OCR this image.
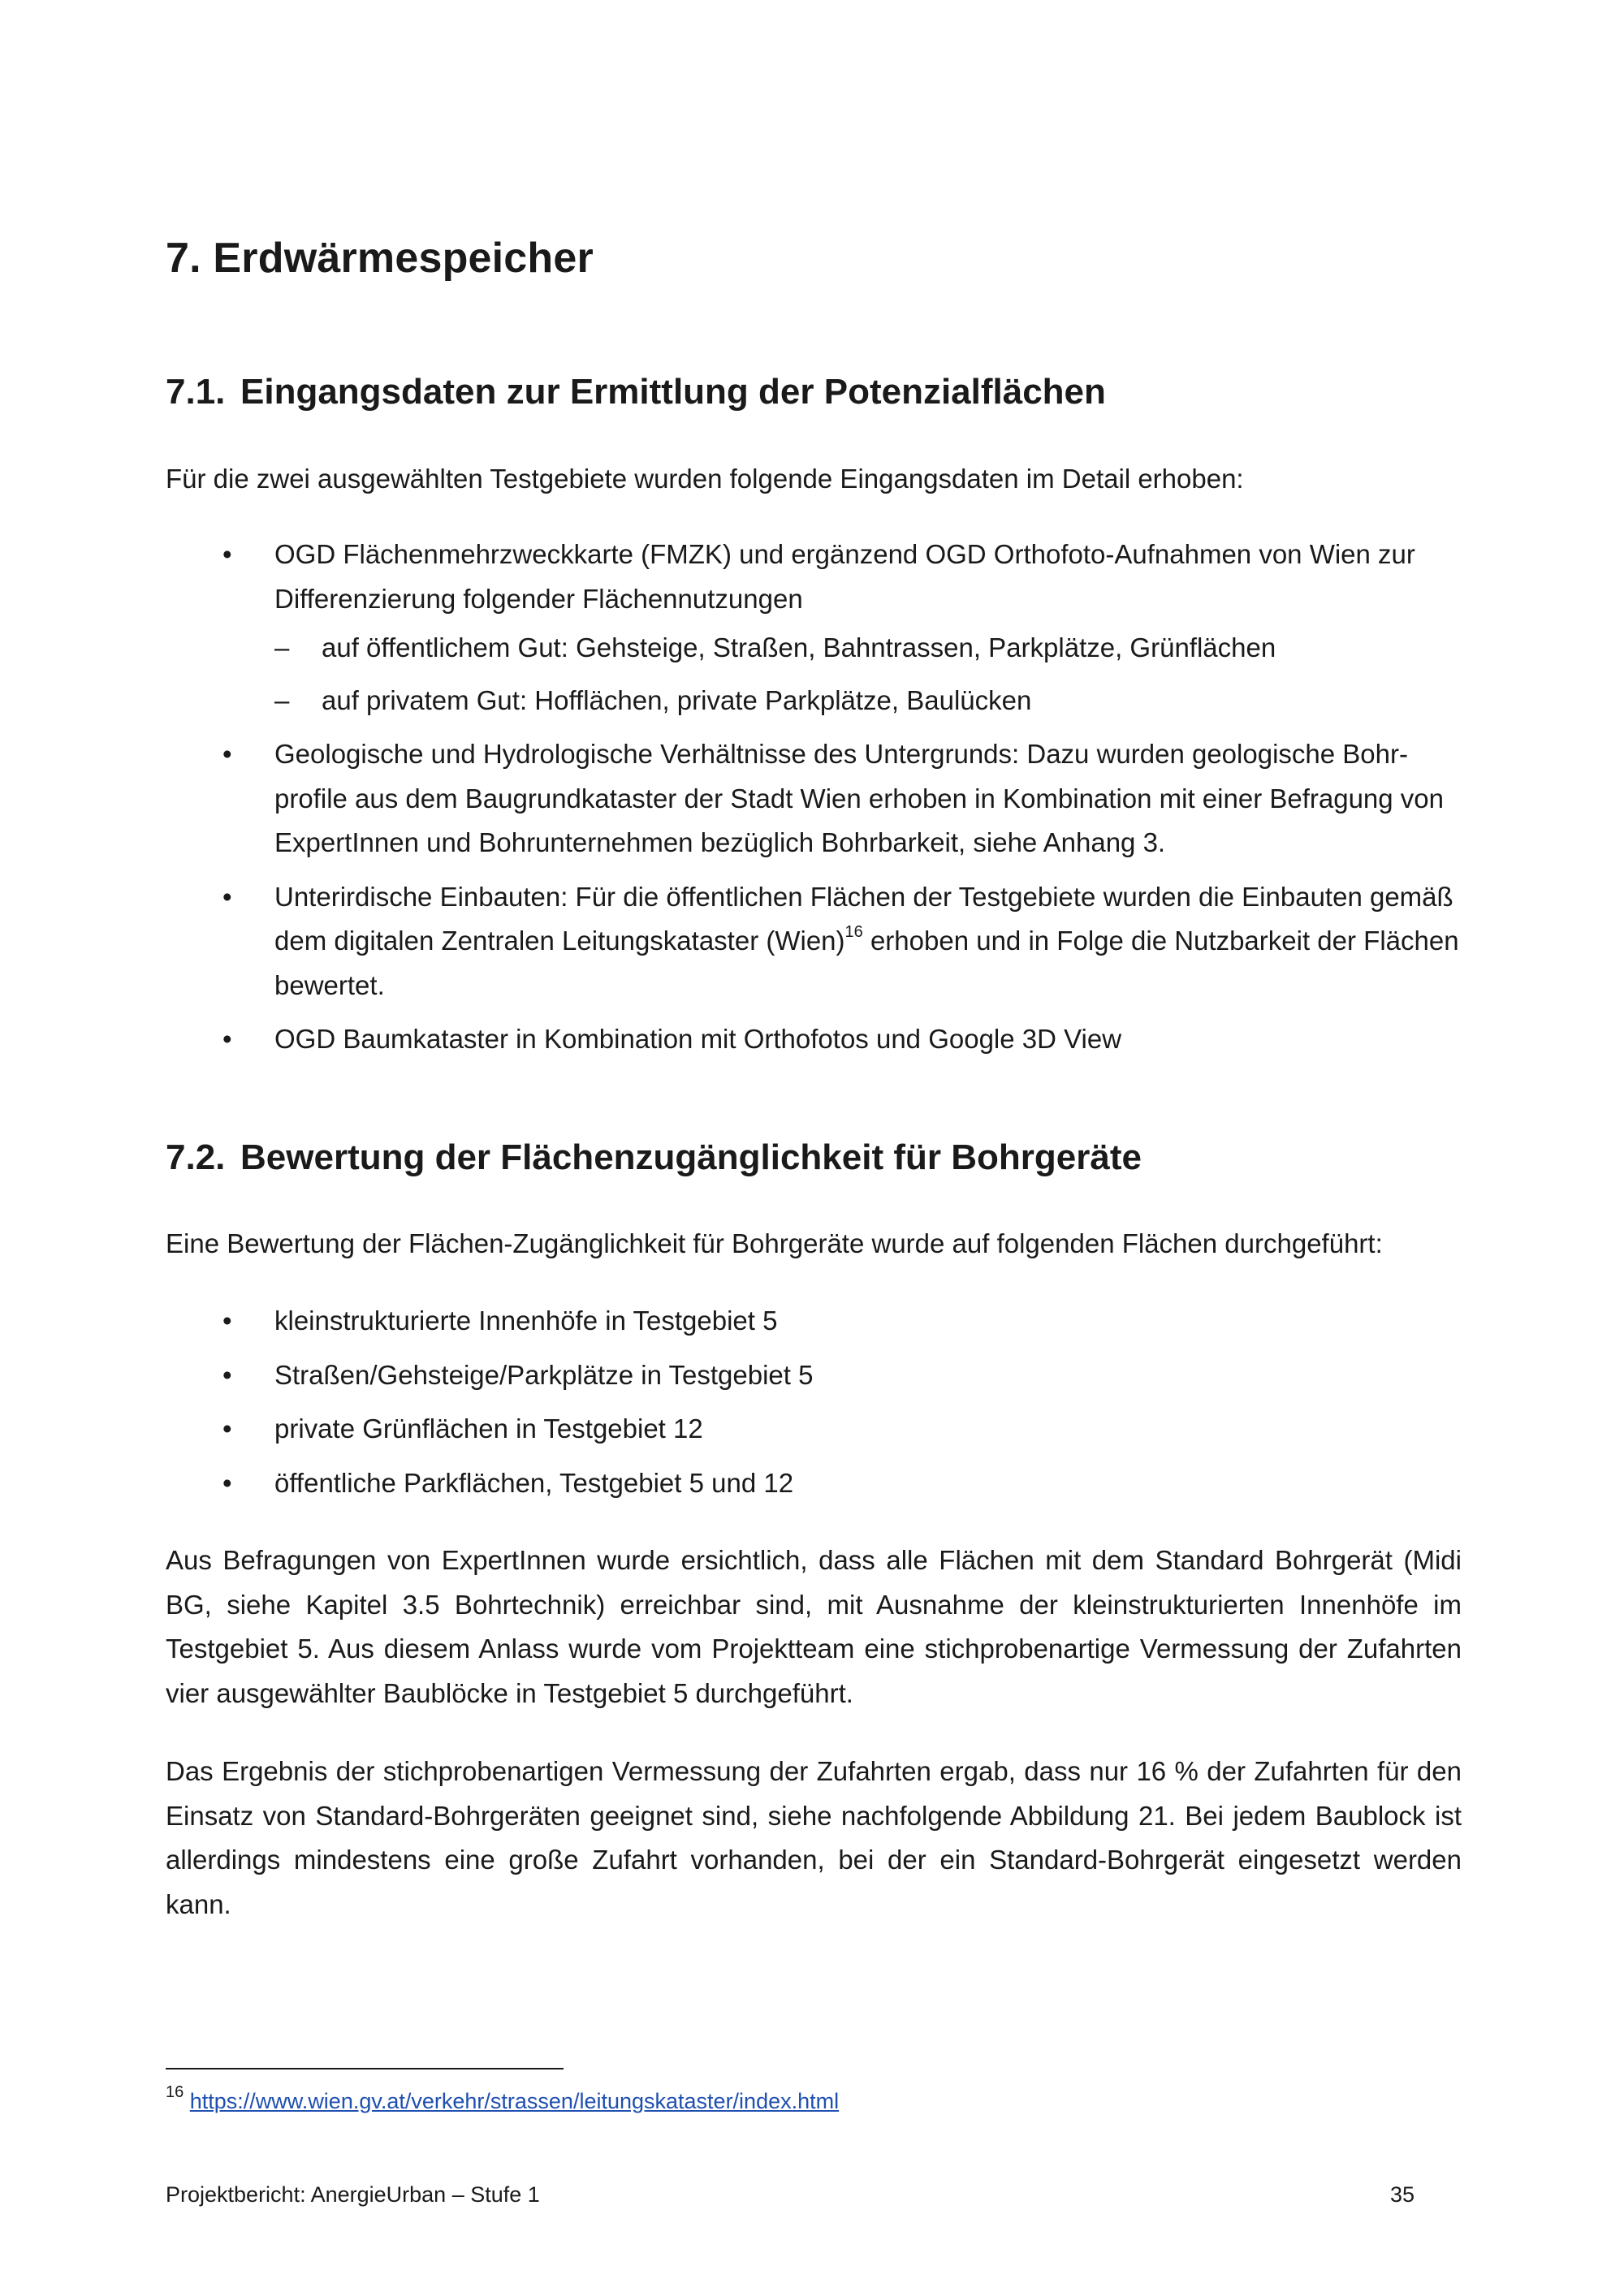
7. Erdwärmespeicher
7.1. Eingangsdaten zur Ermittlung der Potenzialflächen

Für die zwei ausgewählten Testgebiete wurden folgende Eingangsdaten im Detail erhoben:

• OGD Flächenmehrzweckkarte (FMZK) und ergänzend OGD Orthofoto-Aufnahmen von Wien zur Differenzierung folgender Flächennutzungen
– auf öffentlichem Gut: Gehsteige, Straßen, Bahntrassen, Parkplätze, Grünflächen
– auf privatem Gut: Hofflächen, private Parkplätze, Baulücken
• Geologische und Hydrologische Verhältnisse des Untergrunds: Dazu wurden geologische Bohrprofile aus dem Baugrundkataster der Stadt Wien erhoben in Kombination mit einer Befragung von ExpertInnen und Bohrunternehmen bezüglich Bohrbarkeit, siehe Anhang 3.
• Unterirdische Einbauten: Für die öffentlichen Flächen der Testgebiete wurden die Einbauten gemäß dem digitalen Zentralen Leitungskataster (Wien)$^{16}$ erhoben und in Folge die Nutzbarkeit der Flächen bewertet.
• OGD Baumkataster in Kombination mit Orthofotos und Google 3D View
7.2. Bewertung der Flächenzugänglichkeit für Bohrgeräte

Eine Bewertung der Flächen-Zugänglichkeit für Bohrgeräte wurde auf folgenden Flächen durchgeführt:

• kleinstrukturierte Innenhöfe in Testgebiet 5
• Straßen/Gehsteige/Parkplätze in Testgebiet 5
• private Grünflächen in Testgebiet 12
• öffentliche Parkflächen, Testgebiet 5 und 12

Aus Befragungen von ExpertInnen wurde ersichtlich, dass alle Flächen mit dem Standard Bohrgerät (Midi BG, siehe Kapitel 3.5 Bohrtechnik) erreichbar sind, mit Ausnahme der kleinstrukturierten Innenhöfe im Testgebiet 5. Aus diesem Anlass wurde vom Projektteam eine stichprobenartige Vermessung der Zufahrten vier ausgewählter Baublöcke in Testgebiet 5 durchgeführt.

Das Ergebnis der stichprobenartigen Vermessung der Zufahrten ergab, dass nur 16 % der Zufahrten für den Einsatz von Standard-Bohrgeräten geeignet sind, siehe nachfolgende Abbildung 21. Bei jedem Baublock ist allerdings mindestens eine große Zufahrt vorhanden, bei der ein Standard-Bohrgerät eingesetzt werden kann.

$^{16}$ https://www.wien.gv.at/verkehr/strassen/leitungskataster/index.html
Projektbericht: AnergieUrban – Stufe 1	35
